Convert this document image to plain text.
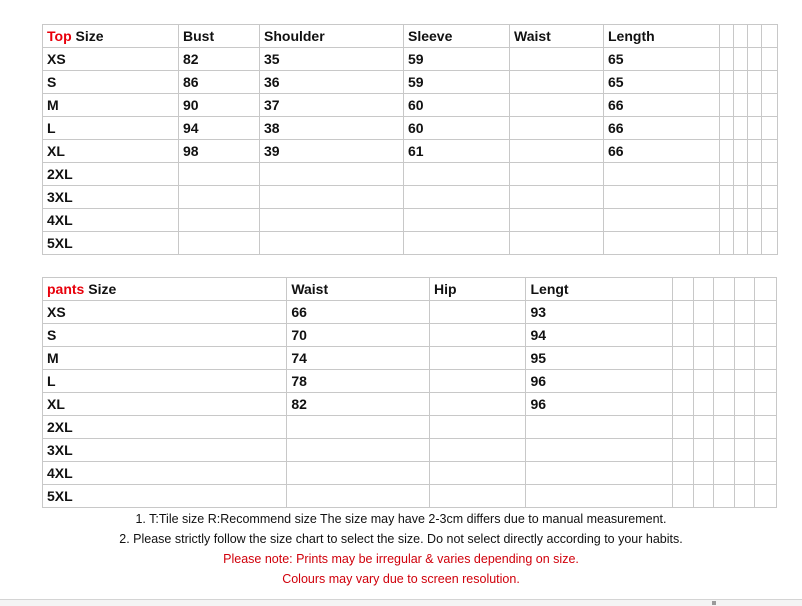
Top Size	Bust	Shoulder	Sleeve	Waist	Length				
XS	82	35	59		65				
S	86	36	59		65				
M	90	37	60		66				
L	94	38	60		66				
XL	98	39	61		66				
2XL									
3XL									
4XL									
5XL									
pants Size	Waist	Hip	Lengt					
XS	66		93					
S	70		94					
M	74		95					
L	78		96					
XL	82		96					
2XL								
3XL								
4XL								
5XL								
1. T:Tile size R:Recommend size The size may have 2-3cm differs due to manual measurement.
2. Please strictly follow the size chart to select the size. Do not select directly according to your habits.
Please note: Prints may be irregular & varies depending on size.
Colours may vary due to screen resolution.
